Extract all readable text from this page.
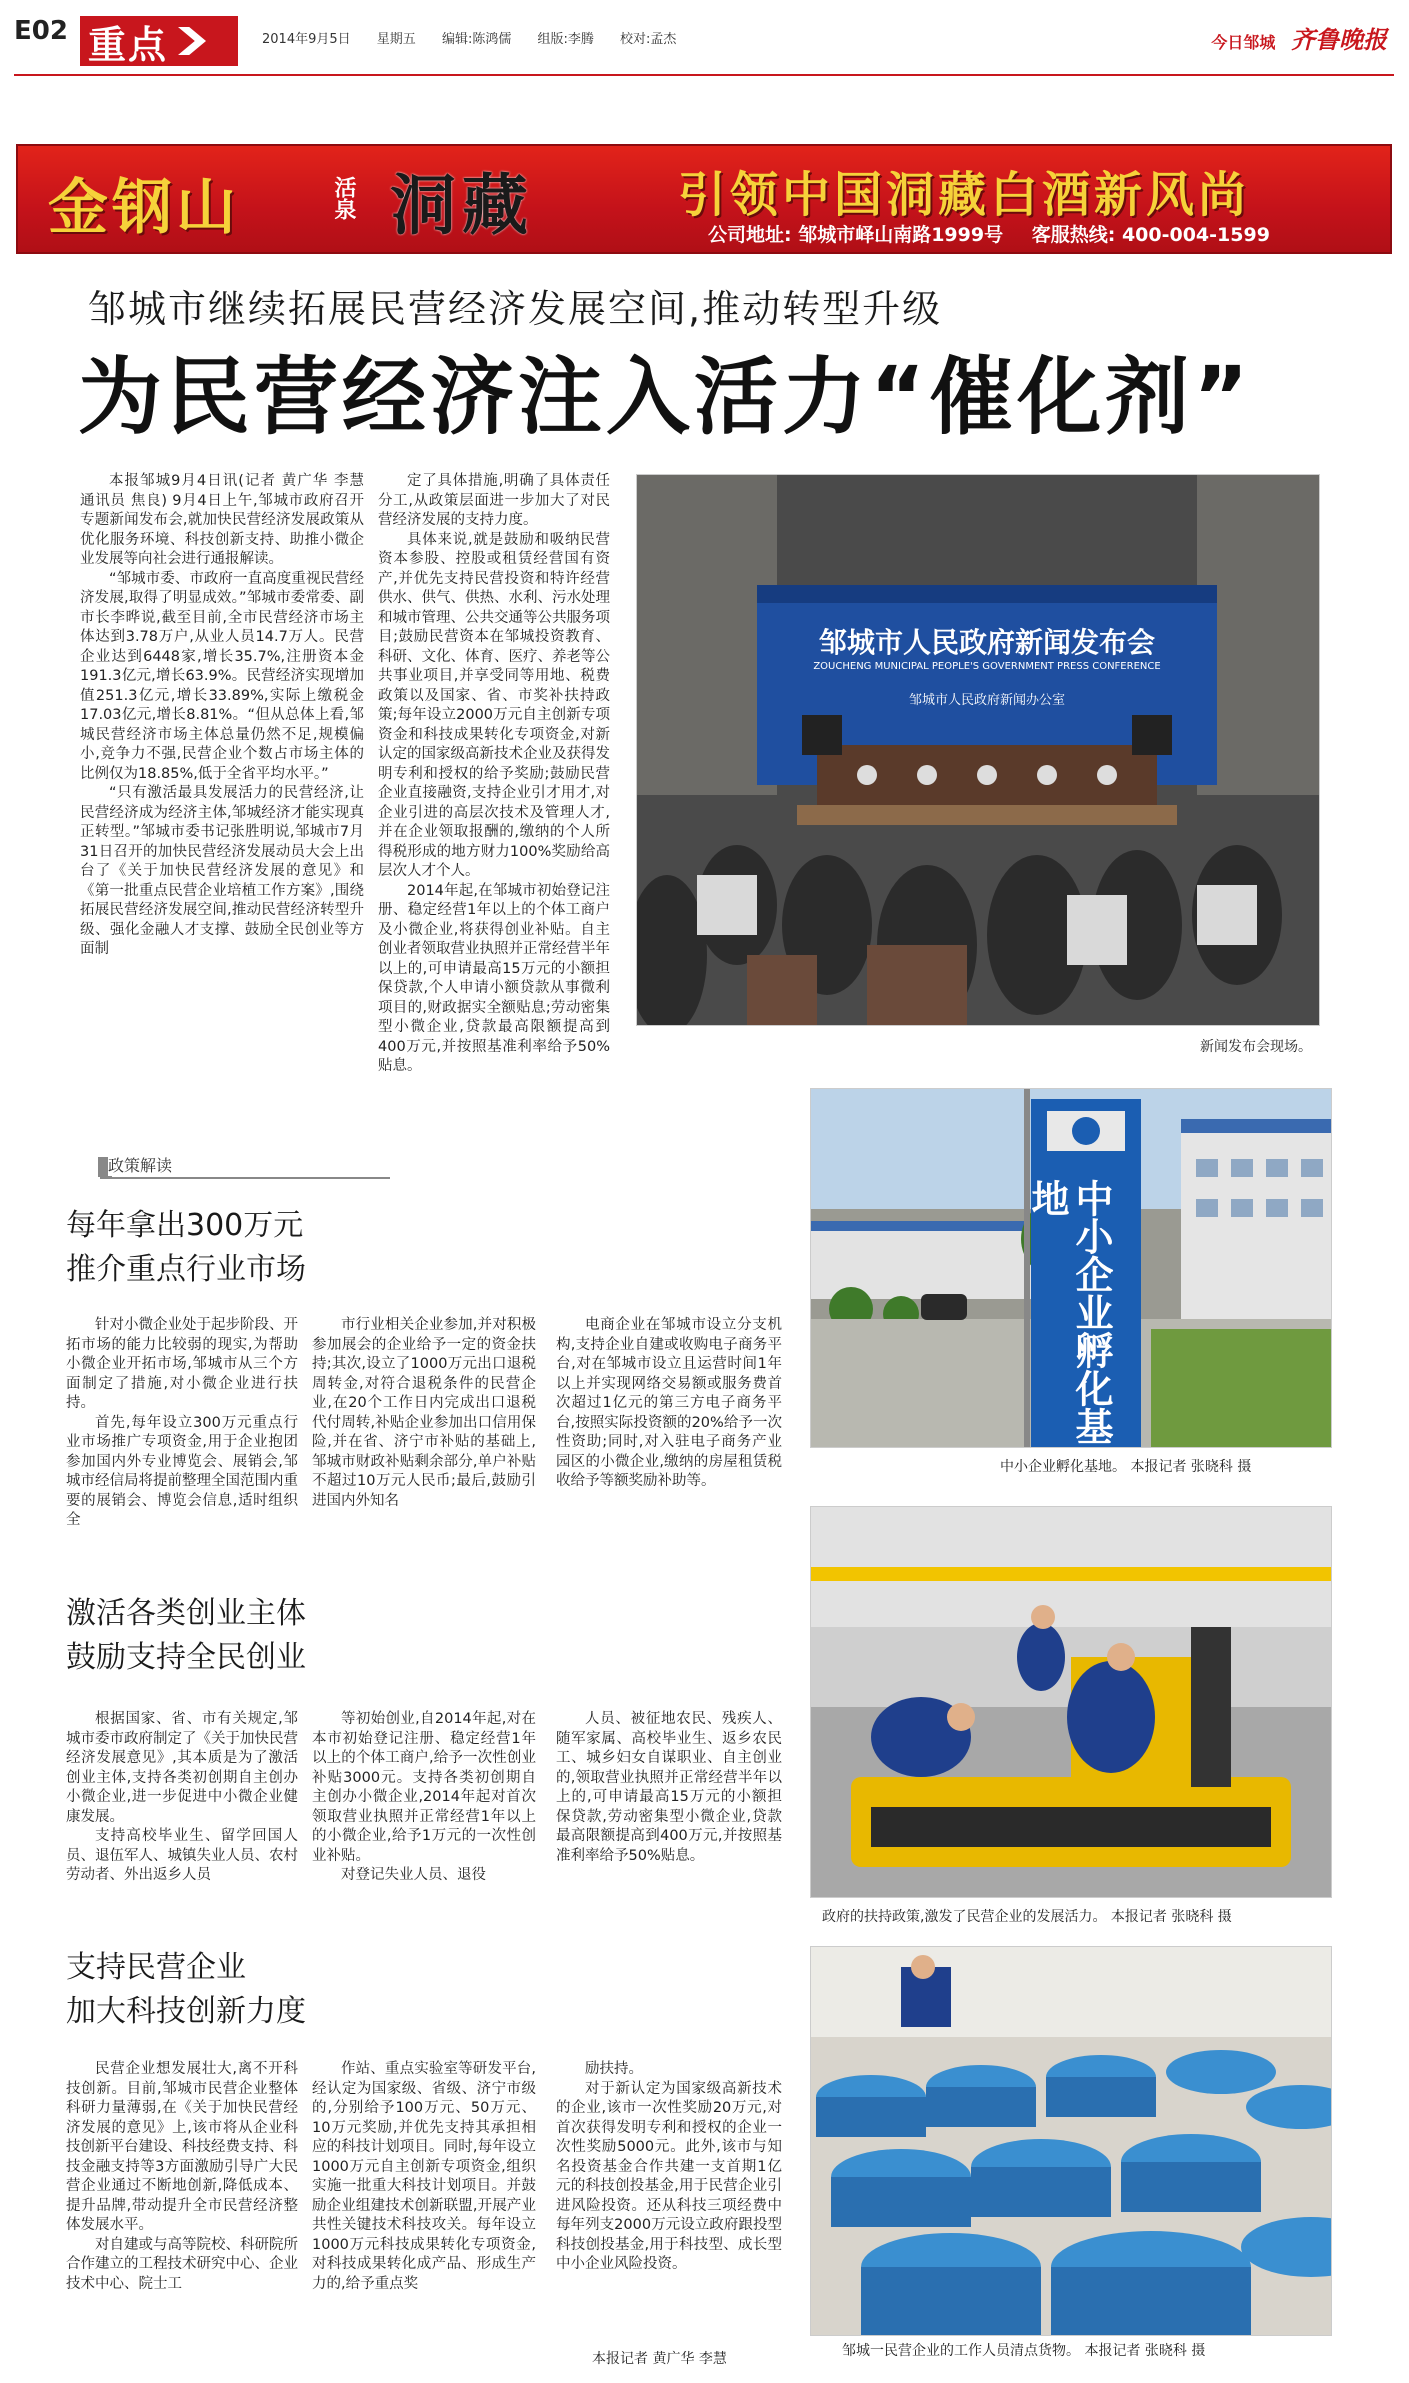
E02 重点	2014年9月5日 星期五 编辑:陈鸿儒 组版:李腾 校对:孟杰	今日邹城 齐鲁晚报
金钢山	活泉 洞藏	引领中国洞藏白酒新风尚
公司地址: 邹城市峄山南路1999号 客服热线: 400-004-1599
邹城市继续拓展民营经济发展空间,推动转型升级
为民营经济注入活力“催化剂”

本报邹城9月4日讯(记者 黄广华 李慧 通讯员 焦良) 9月4日上午,邹城市政府召开专题新闻发布会,就加快民营经济发展政策从优化服务环境、科技创新支持、助推小微企业发展等向社会进行通报解读。

“邹城市委、市政府一直高度重视民营经济发展,取得了明显成效。”邹城市委常委、副市长李晔说,截至目前,全市民营经济市场主体达到3.78万户,从业人员14.7万人。民营企业达到6448家,增长35.7%,注册资本金191.3亿元,增长63.9%。民营经济实现增加值251.3亿元,增长33.89%,实际上缴税金17.03亿元,增长8.81%。“但从总体上看,邹城民营经济市场主体总量仍然不足,规模偏小,竞争力不强,民营企业个数占市场主体的比例仅为18.85%,低于全省平均水平。”

“只有激活最具发展活力的民营经济,让民营经济成为经济主体,邹城经济才能实现真正转型。”邹城市委书记张胜明说,邹城市7月31日召开的加快民营经济发展动员大会上出台了《关于加快民营经济发展的意见》和《第一批重点民营企业培植工作方案》,围绕拓展民营经济发展空间,推动民营经济转型升级、强化金融人才支撑、鼓励全民创业等方面制

定了具体措施,明确了具体责任分工,从政策层面进一步加大了对民营经济发展的支持力度。

具体来说,就是鼓励和吸纳民营资本参股、控股或租赁经营国有资产,并优先支持民营投资和特许经营供水、供气、供热、水利、污水处理和城市管理、公共交通等公共服务项目;鼓励民营资本在邹城投资教育、科研、文化、体育、医疗、养老等公共事业项目,并享受同等用地、税费政策以及国家、省、市奖补扶持政策;每年设立2000万元自主创新专项资金和科技成果转化专项资金,对新认定的国家级高新技术企业及获得发明专利和授权的给予奖励;鼓励民营企业直接融资,支持企业引才用才,对企业引进的高层次技术及管理人才,并在企业领取报酬的,缴纳的个人所得税形成的地方财力100%奖励给高层次人才个人。

2014年起,在邹城市初始登记注册、稳定经营1年以上的个体工商户及小微企业,将获得创业补贴。自主创业者领取营业执照并正常经营半年以上的,可申请最高15万元的小额担保贷款,个人申请小额贷款从事微利项目的,财政据实全额贴息;劳动密集型小微企业,贷款最高限额提高到400万元,并按照基准利率给予50%贴息。

邹城市人民政府新闻发布会
ZOUCHENG MUNICIPAL PEOPLE'S GOVERNMENT PRESS CONFERENCE
邹城市人民政府新闻办公室
新闻发布会现场。
政策解读
每年拿出300万元
推介重点行业市场

针对小微企业处于起步阶段、开拓市场的能力比较弱的现实,为帮助小微企业开拓市场,邹城市从三个方面制定了措施,对小微企业进行扶持。

首先,每年设立300万元重点行业市场推广专项资金,用于企业抱团参加国内外专业博览会、展销会,邹城市经信局将提前整理全国范围内重要的展销会、博览会信息,适时组织全

市行业相关企业参加,并对积极参加展会的企业给予一定的资金扶持;其次,设立了1000万元出口退税周转金,对符合退税条件的民营企业,在20个工作日内完成出口退税代付周转,补贴企业参加出口信用保险,并在省、济宁市补贴的基础上,邹城市财政补贴剩余部分,单户补贴不超过10万元人民币;最后,鼓励引进国内外知名

电商企业在邹城市设立分支机构,支持企业自建或收购电子商务平台,对在邹城市设立且运营时间1年以上并实现网络交易额或服务费首次超过1亿元的第三方电子商务平台,按照实际投资额的20%给予一次性资助;同时,对入驻电子商务产业园区的小微企业,缴纳的房屋租赁税收给予等额奖励补助等。

中小企业孵化基地
中小企业孵化基地。 本报记者 张晓科 摄
激活各类创业主体
鼓励支持全民创业

根据国家、省、市有关规定,邹城市委市政府制定了《关于加快民营经济发展意见》,其本质是为了激活创业主体,支持各类初创期自主创办小微企业,进一步促进中小微企业健康发展。

支持高校毕业生、留学回国人员、退伍军人、城镇失业人员、农村劳动者、外出返乡人员

等初始创业,自2014年起,对在本市初始登记注册、稳定经营1年以上的个体工商户,给予一次性创业补贴3000元。支持各类初创期自主创办小微企业,2014年起对首次领取营业执照并正常经营1年以上的小微企业,给予1万元的一次性创业补贴。

对登记失业人员、退役

人员、被征地农民、残疾人、随军家属、高校毕业生、返乡农民工、城乡妇女自谋职业、自主创业的,领取营业执照并正常经营半年以上的,可申请最高15万元的小额担保贷款,劳动密集型小微企业,贷款最高限额提高到400万元,并按照基准利率给予50%贴息。

政府的扶持政策,激发了民营企业的发展活力。 本报记者 张晓科 摄
支持民营企业
加大科技创新力度

民营企业想发展壮大,离不开科技创新。目前,邹城市民营企业整体科研力量薄弱,在《关于加快民营经济发展的意见》上,该市将从企业科技创新平台建设、科技经费支持、科技金融支持等3方面激励引导广大民营企业通过不断地创新,降低成本、提升品牌,带动提升全市民营经济整体发展水平。

对自建或与高等院校、科研院所合作建立的工程技术研究中心、企业技术中心、院士工

作站、重点实验室等研发平台,经认定为国家级、省级、济宁市级的,分别给予100万元、50万元、10万元奖励,并优先支持其承担相应的科技计划项目。同时,每年设立1000万元自主创新专项资金,组织实施一批重大科技计划项目。并鼓励企业组建技术创新联盟,开展产业共性关键技术科技攻关。每年设立1000万元科技成果转化专项资金,对科技成果转化成产品、形成生产力的,给予重点奖

励扶持。

对于新认定为国家级高新技术的企业,该市一次性奖励20万元,对首次获得发明专利和授权的企业一次性奖励5000元。此外,该市与知名投资基金合作共建一支首期1亿元的科技创投基金,用于民营企业引进风险投资。还从科技三项经费中每年列支2000万元设立政府跟投型科技创投基金,用于科技型、成长型中小企业风险投资。

本报记者 黄广华 李慧	邹城一民营企业的工作人员清点货物。 本报记者 张晓科 摄
